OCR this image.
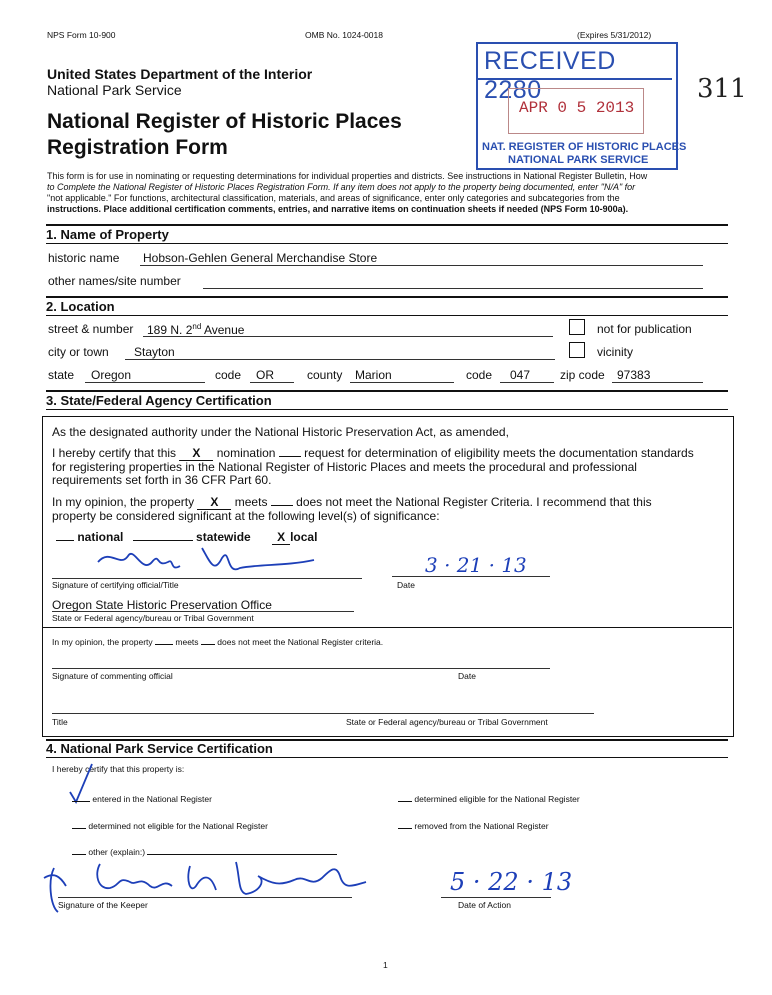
NPS Form 10-900	OMB No. 1024-0018	(Expires 5/31/2012)
RECEIVED 2280
APR 0 5 2013
NAT. REGISTER OF HISTORIC PLACES
NATIONAL PARK SERVICE
311
United States Department of the Interior
National Park Service
National Register of Historic Places
Registration Form
This form is for use in nominating or requesting determinations for individual properties and districts. See instructions in National Register Bulletin, How
to Complete the National Register of Historic Places Registration Form. If any item does not apply to the property being documented, enter "N/A" for
"not applicable." For functions, architectural classification, materials, and areas of significance, enter only categories and subcategories from the
instructions. Place additional certification comments, entries, and narrative items on continuation sheets if needed (NPS Form 10-900a).
1. Name of Property
historic name Hobson-Gehlen General Merchandise Store
other names/site number
2. Location
street & number 189 N. 2nd Avenue	not for publication
city or town Stayton	vicinity
state Oregon	code OR	county Marion	code 047 zip code 97383
3. State/Federal Agency Certification
As the designated authority under the National Historic Preservation Act, as amended,
I hereby certify that this X nomination request for determination of eligibility meets the documentation standards
for registering properties in the National Register of Historic Places and meets the procedural and professional
requirements set forth in 36 CFR Part 60.
In my opinion, the property X meets does not meet the National Register Criteria. I recommend that this
property be considered significant at the following level(s) of significance:
national	statewide X local
Signature of certifying official/Title
3 · 21 · 13
Date
Oregon State Historic Preservation Office
State or Federal agency/bureau or Tribal Government
In my opinion, the property	meets does not meet the National Register criteria.
Signature of commenting official	Date
Title	State or Federal agency/bureau or Tribal Government
4. National Park Service Certification
I hereby certify that this property is:
entered in the National Register	determined eligible for the National Register
determined not eligible for the National Register	removed from the National Register
other (explain:)
Signature of the Keeper
5 · 22 · 13
Date of Action
1
